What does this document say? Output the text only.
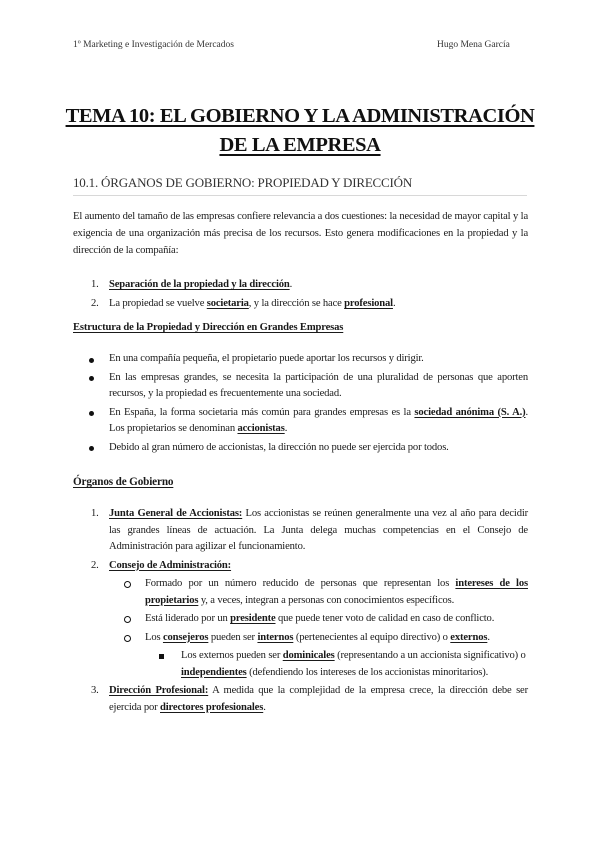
1º Marketing e Investigación de Mercados	Hugo Mena García
TEMA 10: EL GOBIERNO Y LA ADMINISTRACIÓN DE LA EMPRESA
10.1. ÓRGANOS DE GOBIERNO: PROPIEDAD Y DIRECCIÓN

El aumento del tamaño de las empresas confiere relevancia a dos cuestiones: la necesidad de mayor capital y la exigencia de una organización más precisa de los recursos. Esto genera modificaciones en la propiedad y la dirección de la compañía:

1. Separación de la propiedad y la dirección.
2. La propiedad se vuelve societaria, y la dirección se hace profesional.
Estructura de la Propiedad y Dirección en Grandes Empresas
En una compañía pequeña, el propietario puede aportar los recursos y dirigir.
En las empresas grandes, se necesita la participación de una pluralidad de personas que aporten recursos, y la propiedad es frecuentemente una sociedad.
En España, la forma societaria más común para grandes empresas es la sociedad anónima (S. A.). Los propietarios se denominan accionistas.
Debido al gran número de accionistas, la dirección no puede ser ejercida por todos.
Órganos de Gobierno
1. Junta General de Accionistas: Los accionistas se reúnen generalmente una vez al año para decidir las grandes líneas de actuación. La Junta delega muchas competencias en el Consejo de Administración para agilizar el funcionamiento.
2. Consejo de Administración:
Formado por un número reducido de personas que representan los intereses de los propietarios y, a veces, integran a personas con conocimientos específicos.
Está liderado por un presidente que puede tener voto de calidad en caso de conflicto.
Los consejeros pueden ser internos (pertenecientes al equipo directivo) o externos.
Los externos pueden ser dominicales (representando a un accionista significativo) o independientes (defendiendo los intereses de los accionistas minoritarios).
3. Dirección Profesional: A medida que la complejidad de la empresa crece, la dirección debe ser ejercida por directores profesionales.
